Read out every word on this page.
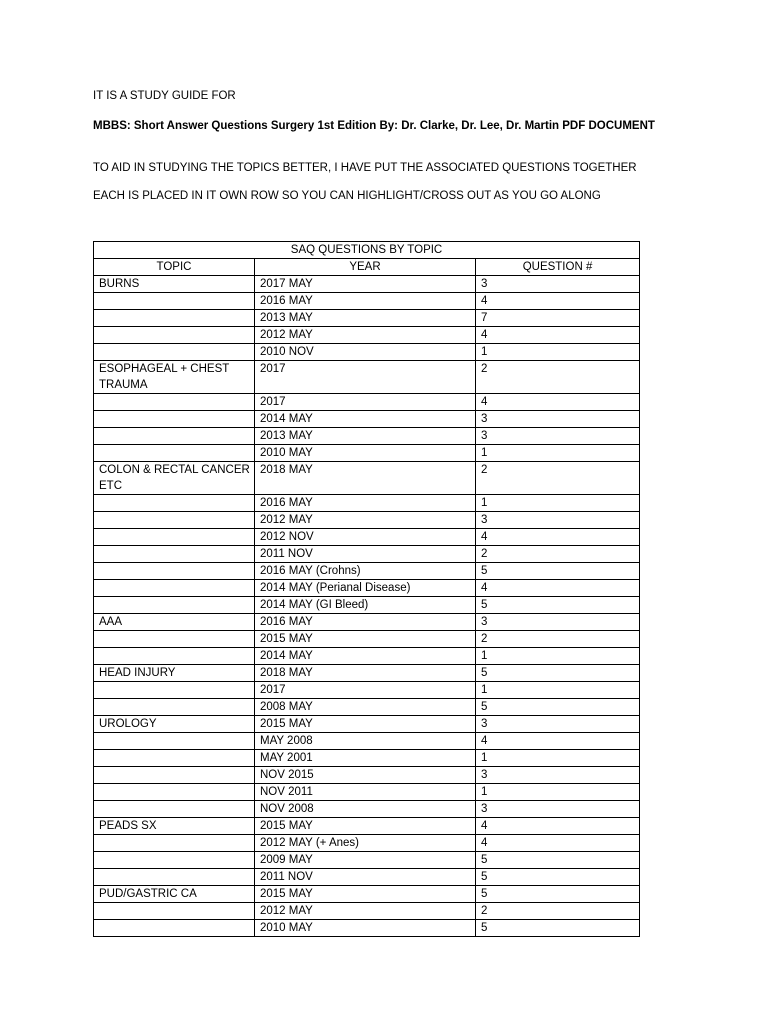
IT IS A STUDY GUIDE FOR

MBBS: Short Answer Questions Surgery 1st Edition By: Dr. Clarke, Dr. Lee, Dr. Martin PDF DOCUMENT

TO AID IN STUDYING THE TOPICS BETTER, I HAVE PUT THE ASSOCIATED QUESTIONS TOGETHER

EACH IS PLACED IN IT OWN ROW SO YOU CAN HIGHLIGHT/CROSS OUT AS YOU GO ALONG

SAQ QUESTIONS BY TOPIC		
TOPIC	YEAR	QUESTION #
BURNS	2017 MAY	3
	2016 MAY	4
	2013 MAY	7
	2012 MAY	4
	2010 NOV	1
ESOPHAGEAL + CHEST TRAUMA	2017	2
	2017	4
	2014 MAY	3
	2013 MAY	3
	2010 MAY	1
COLON & RECTAL CANCER ETC	2018 MAY	2
	2016 MAY	1
	2012 MAY	3
	2012 NOV	4
	2011 NOV	2
	2016 MAY (Crohns)	5
	2014 MAY (Perianal Disease)	4
	2014 MAY (GI Bleed)	5
AAA	2016 MAY	3
	2015 MAY	2
	2014 MAY	1
HEAD INJURY	2018 MAY	5
	2017	1
	2008 MAY	5
UROLOGY	2015 MAY	3
	MAY 2008	4
	MAY 2001	1
	NOV 2015	3
	NOV 2011	1
	NOV 2008	3
PEADS SX	2015 MAY	4
	2012 MAY (+ Anes)	4
	2009 MAY	5
	2011 NOV	5
PUD/GASTRIC CA	2015 MAY	5
	2012 MAY	2
	2010 MAY	5
